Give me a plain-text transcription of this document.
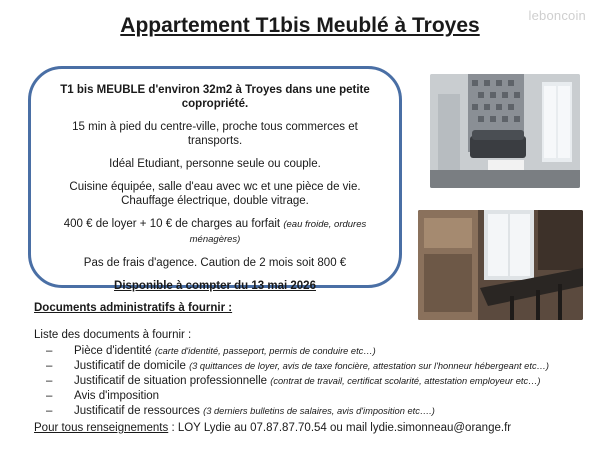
leboncoin
Appartement T1bis Meublé à Troyes

T1 bis MEUBLE d'environ 32m2 à Troyes dans une petite copropriété.

15 min à pied du centre-ville, proche tous commerces et transports.

Idéal Etudiant, personne seule ou couple.

Cuisine équipée, salle d'eau avec wc et une pièce de vie. Chauffage électrique, double vitrage.

400 € de loyer + 10 € de charges au forfait (eau froide, ordures ménagères)

Pas de frais d'agence. Caution de 2 mois soit 800 €

Disponible à compter du 13 mai 2026

Documents administratifs à fournir :
Liste des documents à fournir :
– Pièce d'identité (carte d'identité, passeport, permis de conduire etc…)
– Justificatif de domicile (3 quittances de loyer, avis de taxe foncière, attestation sur l'honneur hébergeant etc…)
– Justificatif de situation professionnelle (contrat de travail, certificat scolarité, attestation employeur etc…)
– Avis d'imposition
– Justificatif de ressources (3 derniers bulletins de salaires, avis d'imposition etc….)
Pour tous renseignements : LOY Lydie au 07.87.87.70.54 ou mail lydie.simonneau@orange.fr
